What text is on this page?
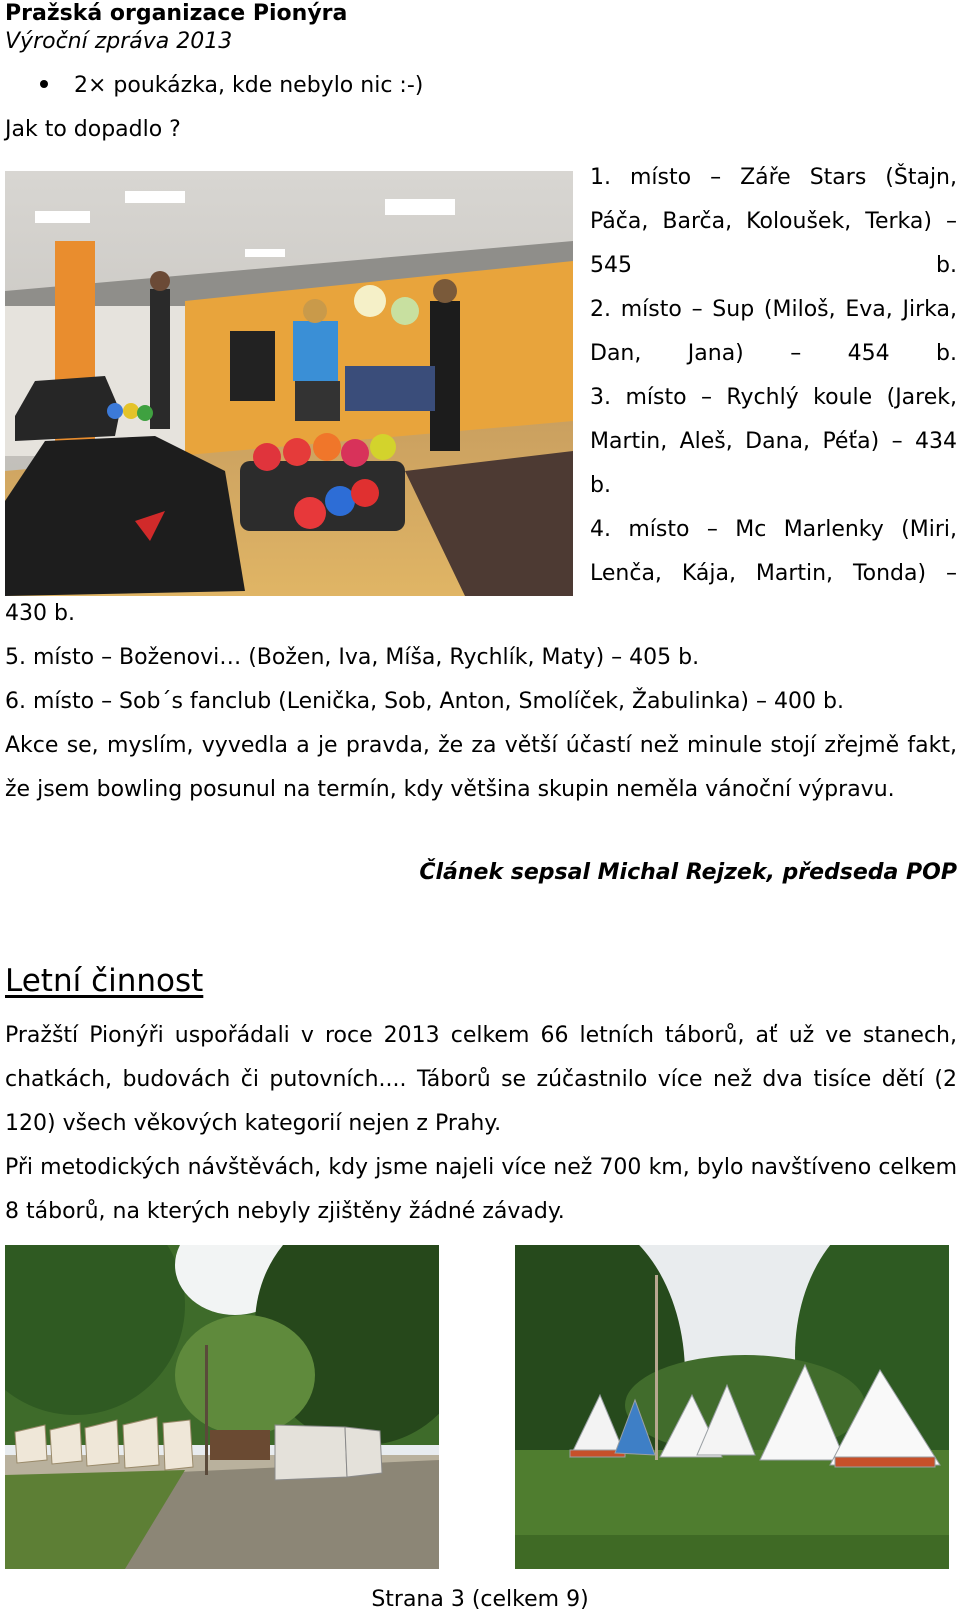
Pražská organizace Pionýra
Výroční zpráva 2013
2× poukázka, kde nebylo nic :-)
Jak to dopadlo ?
1. místo – Záře Stars (Štajn, Páča, Barča, Koloušek, Terka) – 545 b.
2. místo – Sup (Miloš, Eva, Jirka, Dan, Jana) – 454 b.
3. místo – Rychlý koule (Jarek, Martin, Aleš, Dana, Péťa) – 434 b.
4. místo – Mc Marlenky (Miri, Lenča, Kája, Martin, Tonda) –
430 b.
5. místo – Boženovi… (Božen, Iva, Míša, Rychlík, Maty) – 405 b.
6. místo – Sob´s fanclub (Lenička, Sob, Anton, Smolíček, Žabulinka) – 400 b.
Akce se, myslím, vyvedla a je pravda, že za větší účastí než minule stojí zřejmě fakt, že jsem bowling posunul na termín, kdy většina skupin neměla vánoční výpravu.
Článek sepsal Michal Rejzek, předseda POP
Letní činnost
Pražští Pionýři uspořádali v roce 2013 celkem 66 letních táborů, ať už ve stanech, chatkách, budovách či putovních.... Táborů se zúčastnilo více než dva tisíce dětí (2 120) všech věkových kategorií nejen z Prahy.
Při metodických návštěvách, kdy jsme najeli více než 700 km, bylo navštíveno celkem 8 táborů, na kterých nebyly zjištěny žádné závady.
Strana 3 (celkem 9)
